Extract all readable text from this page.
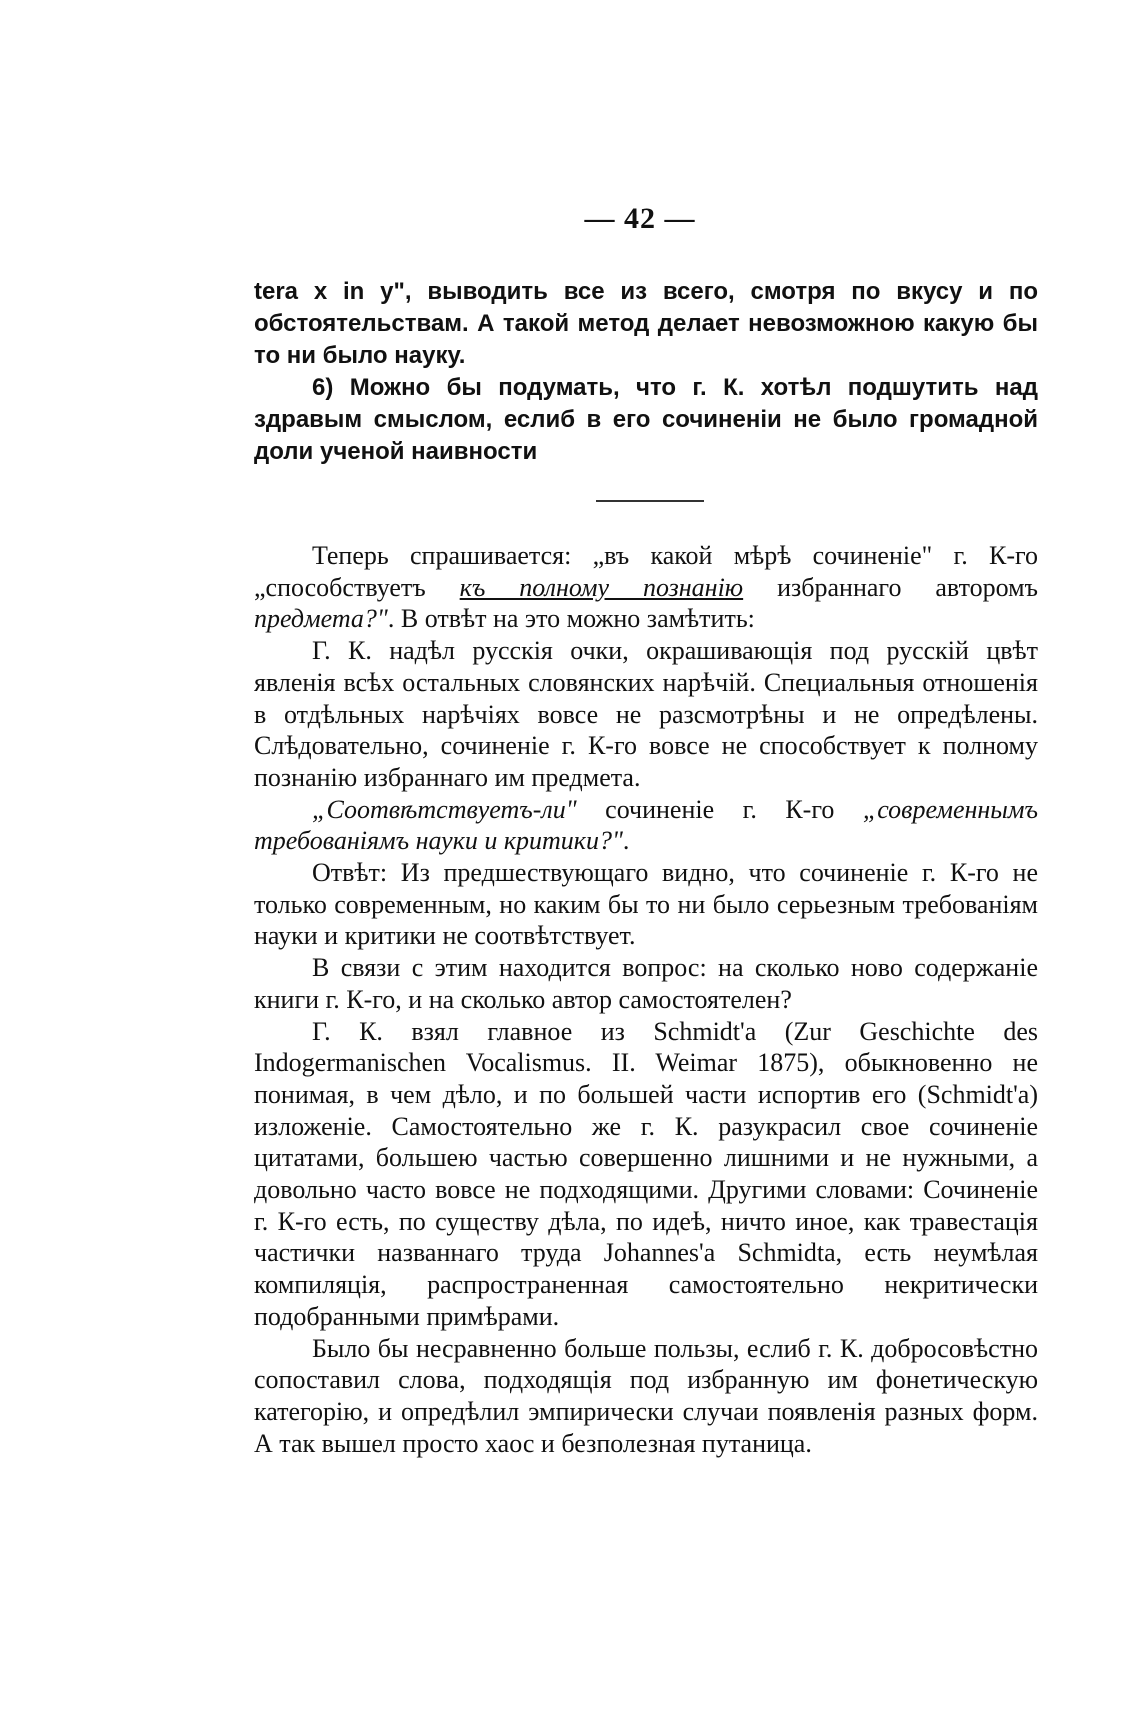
— 42 —

tera x in y", выводить все из всего, смотря по вкусу и по обстоятельствам. А такой метод делает невозможною какую бы то ни было науку.

6) Можно бы подумать, что г. К. хотѣл подшутить над здравым смыслом, еслиб в его сочиненіи не было громадной доли ученой наивности

Теперь спрашивается: „въ какой мѣрѣ сочиненіе" г. К-го „способствуетъ къ полному познанію избраннаго авторомъ предмета?". В отвѣт на это можно замѣтить:

Г. К. надѣл русскія очки, окрашивающія под русскій цвѣт явленія всѣх остальных словянских нарѣчій. Специальныя отношенія в отдѣльных нарѣчіях вовсе не разсмотрѣны и не опредѣлены. Слѣдовательно, сочиненіе г. К-го вовсе не способствует к полному познанію избраннаго им предмета.

„Соотвѣтствуетъ-ли" сочиненіе г. К-го „современнымъ требованіямъ науки и критики?".

Отвѣт: Из предшествующаго видно, что сочиненіе г. К-го не только современным, но каким бы то ни было серьезным требованіям науки и критики не соотвѣтствует.

В связи с этим находится вопрос: на сколько ново содержаніе книги г. К-го, и на сколько автор самостоятелен?

Г. К. взял главное из Schmidt'a (Zur Geschichte des Indogermanischen Vocalismus. II. Weimar 1875), обыкновенно не понимая, в чем дѣло, и по большей части испортив его (Schmidt'a) изложеніе. Самостоятельно же г. К. разукрасил свое сочиненіе цитатами, большею частью совершенно лишними и не нужными, а довольно часто вовсе не подходящими. Другими словами: Сочиненіе г. К-го есть, по существу дѣла, по идеѣ, ничто иное, как травестація частички названнаго труда Johannes'a Schmidta, есть неумѣлая компиляція, распространенная самостоятельно некритически подобранными примѣрами.

Было бы несравненно больше пользы, еслиб г. К. добросовѣстно сопоставил слова, подходящія под избранную им фонетическую категорію, и опредѣлил эмпирически случаи появленія разных форм. А так вышел просто хаос и безполезная путаница.
